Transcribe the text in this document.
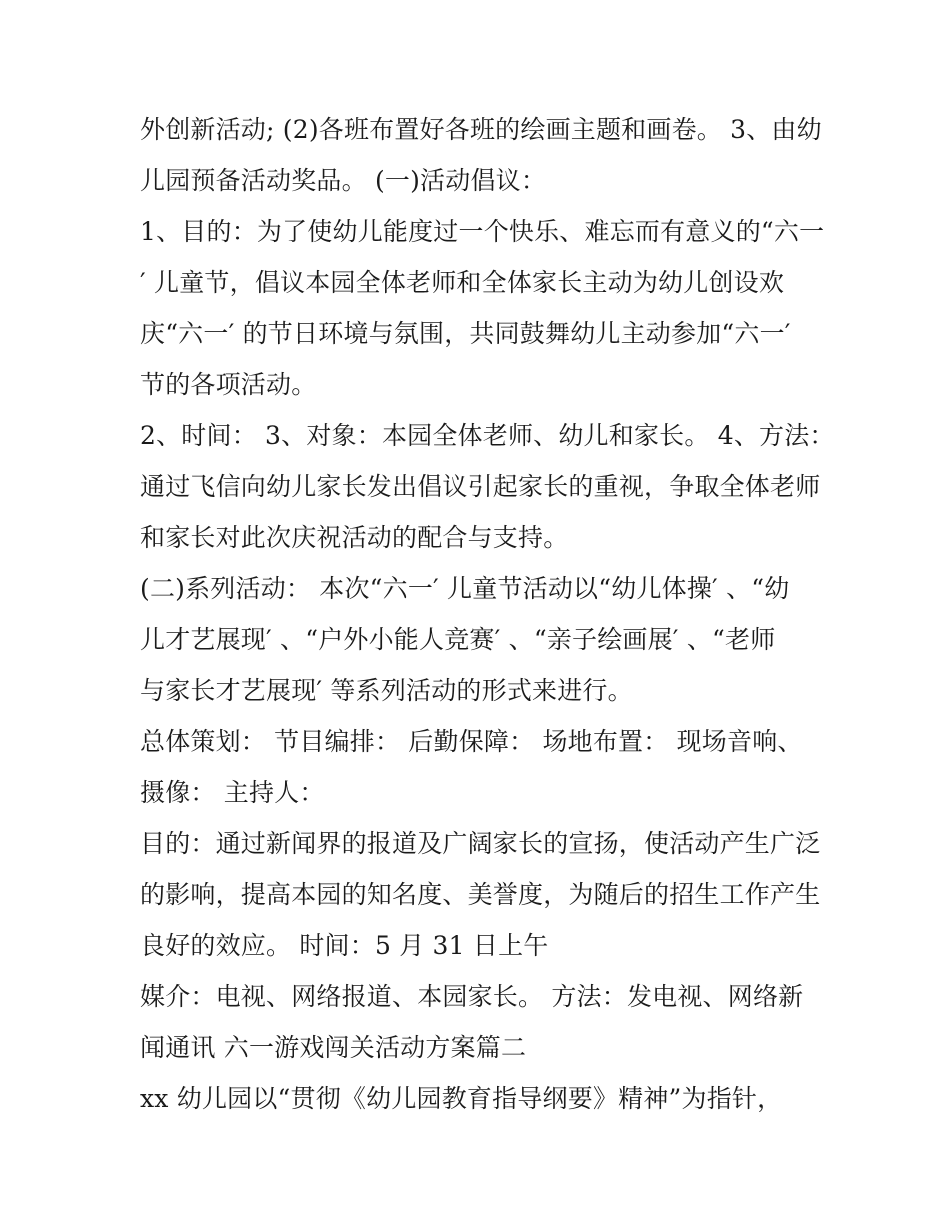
外创新活动; (2)各班布置好各班的绘画主题和画卷。 3、由幼
儿园预备活动奖品。 (一)活动倡议：
1、目的：为了使幼儿能度过一个快乐、难忘而有意义的“六一
′ 儿童节，倡议本园全体老师和全体家长主动为幼儿创设欢
庆“六一′ 的节日环境与氛围，共同鼓舞幼儿主动参加“六一′
节的各项活动。
2、时间： 3、对象：本园全体老师、幼儿和家长。 4、方法：
通过飞信向幼儿家长发出倡议引起家长的重视，争取全体老师
和家长对此次庆祝活动的配合与支持。
(二)系列活动： 本次“六一′ 儿童节活动以“幼儿体操′ 、“幼
儿才艺展现′ 、“户外小能人竞赛′ 、“亲子绘画展′ 、“老师
与家长才艺展现′ 等系列活动的形式来进行。
总体策划： 节目编排： 后勤保障： 场地布置： 现场音响、
摄像： 主持人：
目的：通过新闻界的报道及广阔家长的宣扬，使活动产生广泛
的影响，提高本园的知名度、美誉度，为随后的招生工作产生
良好的效应。 时间：5 月 31 日上午
媒介：电视、网络报道、本园家长。 方法：发电视、网络新
闻通讯 六一游戏闯关活动方案篇二
xx 幼儿园以“贯彻《幼儿园教育指导纲要》精神”为指针，
